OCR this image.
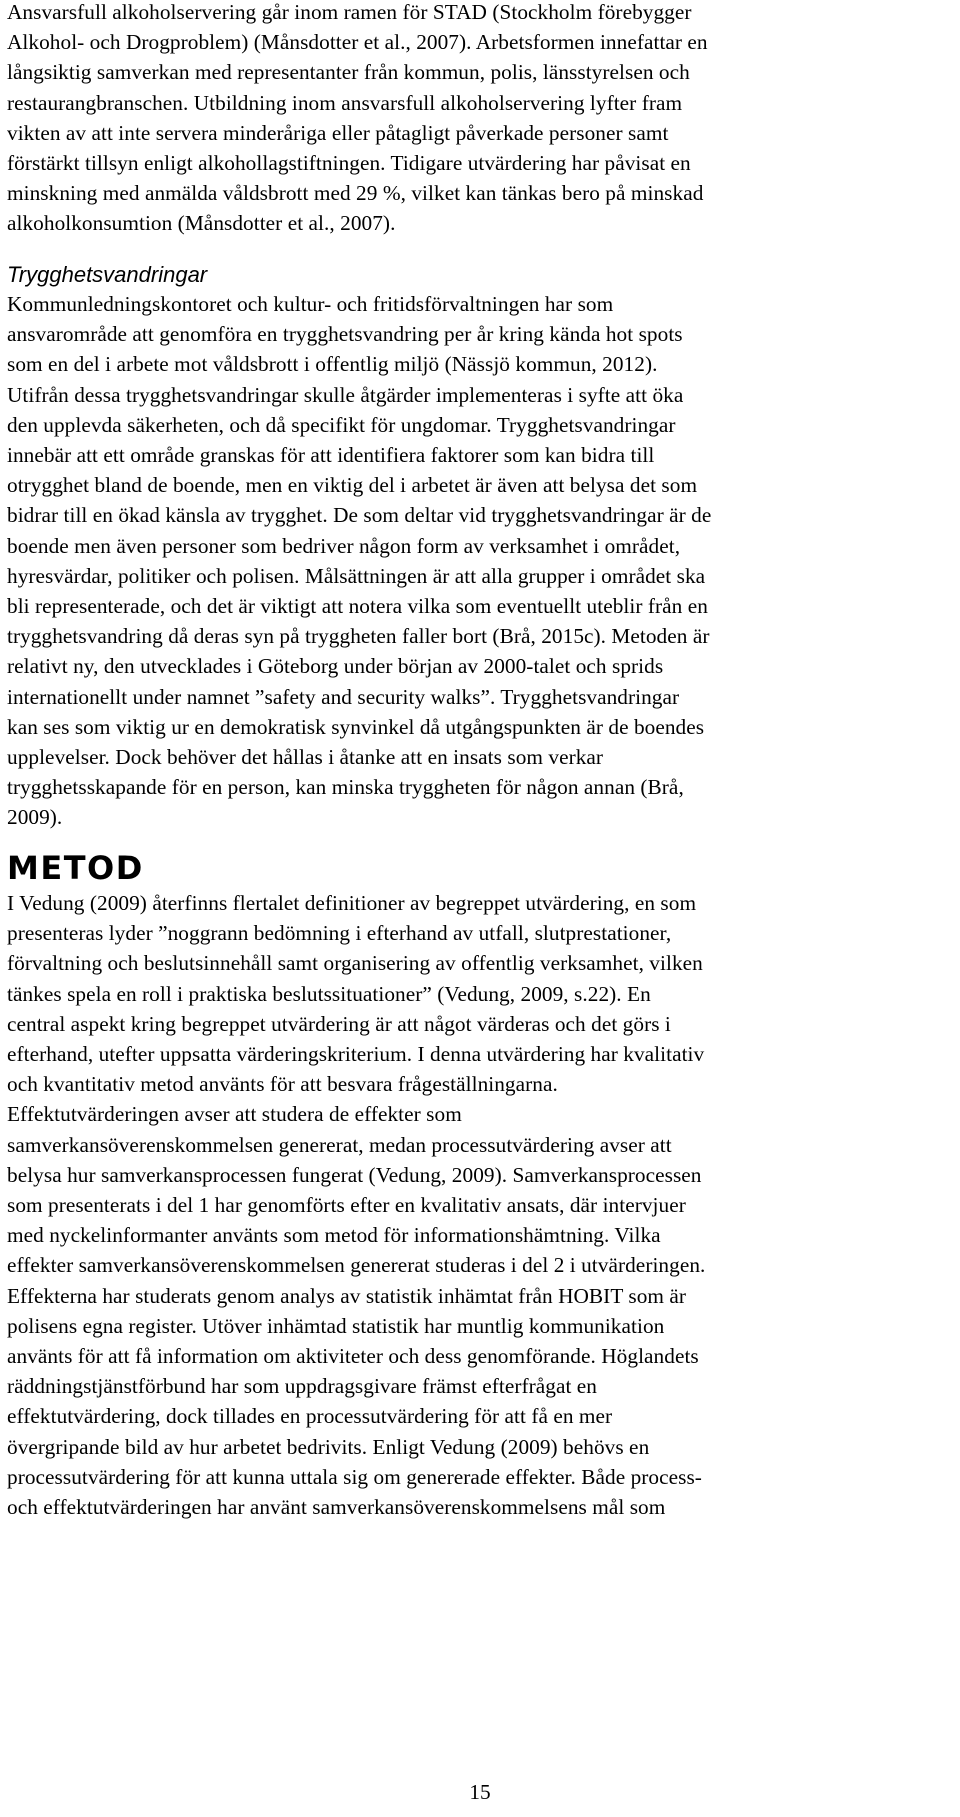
Ansvarsfull alkoholservering går inom ramen för STAD (Stockholm förebygger
Alkohol- och Drogproblem) (Månsdotter et al., 2007). Arbetsformen innefattar en
långsiktig samverkan med representanter från kommun, polis, länsstyrelsen och
restaurangbranschen. Utbildning inom ansvarsfull alkoholservering lyfter fram
vikten av att inte servera minderåriga eller påtagligt påverkade personer samt
förstärkt tillsyn enligt alkohollagstiftningen. Tidigare utvärdering har påvisat en
minskning med anmälda våldsbrott med 29 %, vilket kan tänkas bero på minskad
alkoholkonsumtion (Månsdotter et al., 2007).

Trygghetsvandringar

Kommunledningskontoret och kultur- och fritidsförvaltningen har som
ansvarområde att genomföra en trygghetsvandring per år kring kända hot spots
som en del i arbete mot våldsbrott i offentlig miljö (Nässjö kommun, 2012).
Utifrån dessa trygghetsvandringar skulle åtgärder implementeras i syfte att öka
den upplevda säkerheten, och då specifikt för ungdomar. Trygghetsvandringar
innebär att ett område granskas för att identifiera faktorer som kan bidra till
otrygghet bland de boende, men en viktig del i arbetet är även att belysa det som
bidrar till en ökad känsla av trygghet. De som deltar vid trygghetsvandringar är de
boende men även personer som bedriver någon form av verksamhet i området,
hyresvärdar, politiker och polisen. Målsättningen är att alla grupper i området ska
bli representerade, och det är viktigt att notera vilka som eventuellt uteblir från en
trygghetsvandring då deras syn på tryggheten faller bort (Brå, 2015c). Metoden är
relativt ny, den utvecklades i Göteborg under början av 2000-talet och sprids
internationellt under namnet ”safety and security walks”. Trygghetsvandringar
kan ses som viktig ur en demokratisk synvinkel då utgångspunkten är de boendes
upplevelser. Dock behöver det hållas i åtanke att en insats som verkar
trygghetsskapande för en person, kan minska tryggheten för någon annan (Brå,
2009).

METOD

I Vedung (2009) återfinns flertalet definitioner av begreppet utvärdering, en som
presenteras lyder ”noggrann bedömning i efterhand av utfall, slutprestationer,
förvaltning och beslutsinnehåll samt organisering av offentlig verksamhet, vilken
tänkes spela en roll i praktiska beslutssituationer” (Vedung, 2009, s.22). En
central aspekt kring begreppet utvärdering är att något värderas och det görs i
efterhand, utefter uppsatta värderingskriterium. I denna utvärdering har kvalitativ
och kvantitativ metod använts för att besvara frågeställningarna.
Effektutvärderingen avser att studera de effekter som
samverkansöverenskommelsen genererat, medan processutvärdering avser att
belysa hur samverkansprocessen fungerat (Vedung, 2009). Samverkansprocessen
som presenterats i del 1 har genomförts efter en kvalitativ ansats, där intervjuer
med nyckelinformanter använts som metod för informationshämtning. Vilka
effekter samverkansöverenskommelsen genererat studeras i del 2 i utvärderingen.
Effekterna har studerats genom analys av statistik inhämtat från HOBIT som är
polisens egna register. Utöver inhämtad statistik har muntlig kommunikation
använts för att få information om aktiviteter och dess genomförande. Höglandets
räddningstjänstförbund har som uppdragsgivare främst efterfrågat en
effektutvärdering, dock tillades en processutvärdering för att få en mer
övergripande bild av hur arbetet bedrivits. Enligt Vedung (2009) behövs en
processutvärdering för att kunna uttala sig om genererade effekter. Både process-
och effektutvärderingen har använt samverkansöverenskommelsens mål som

15
